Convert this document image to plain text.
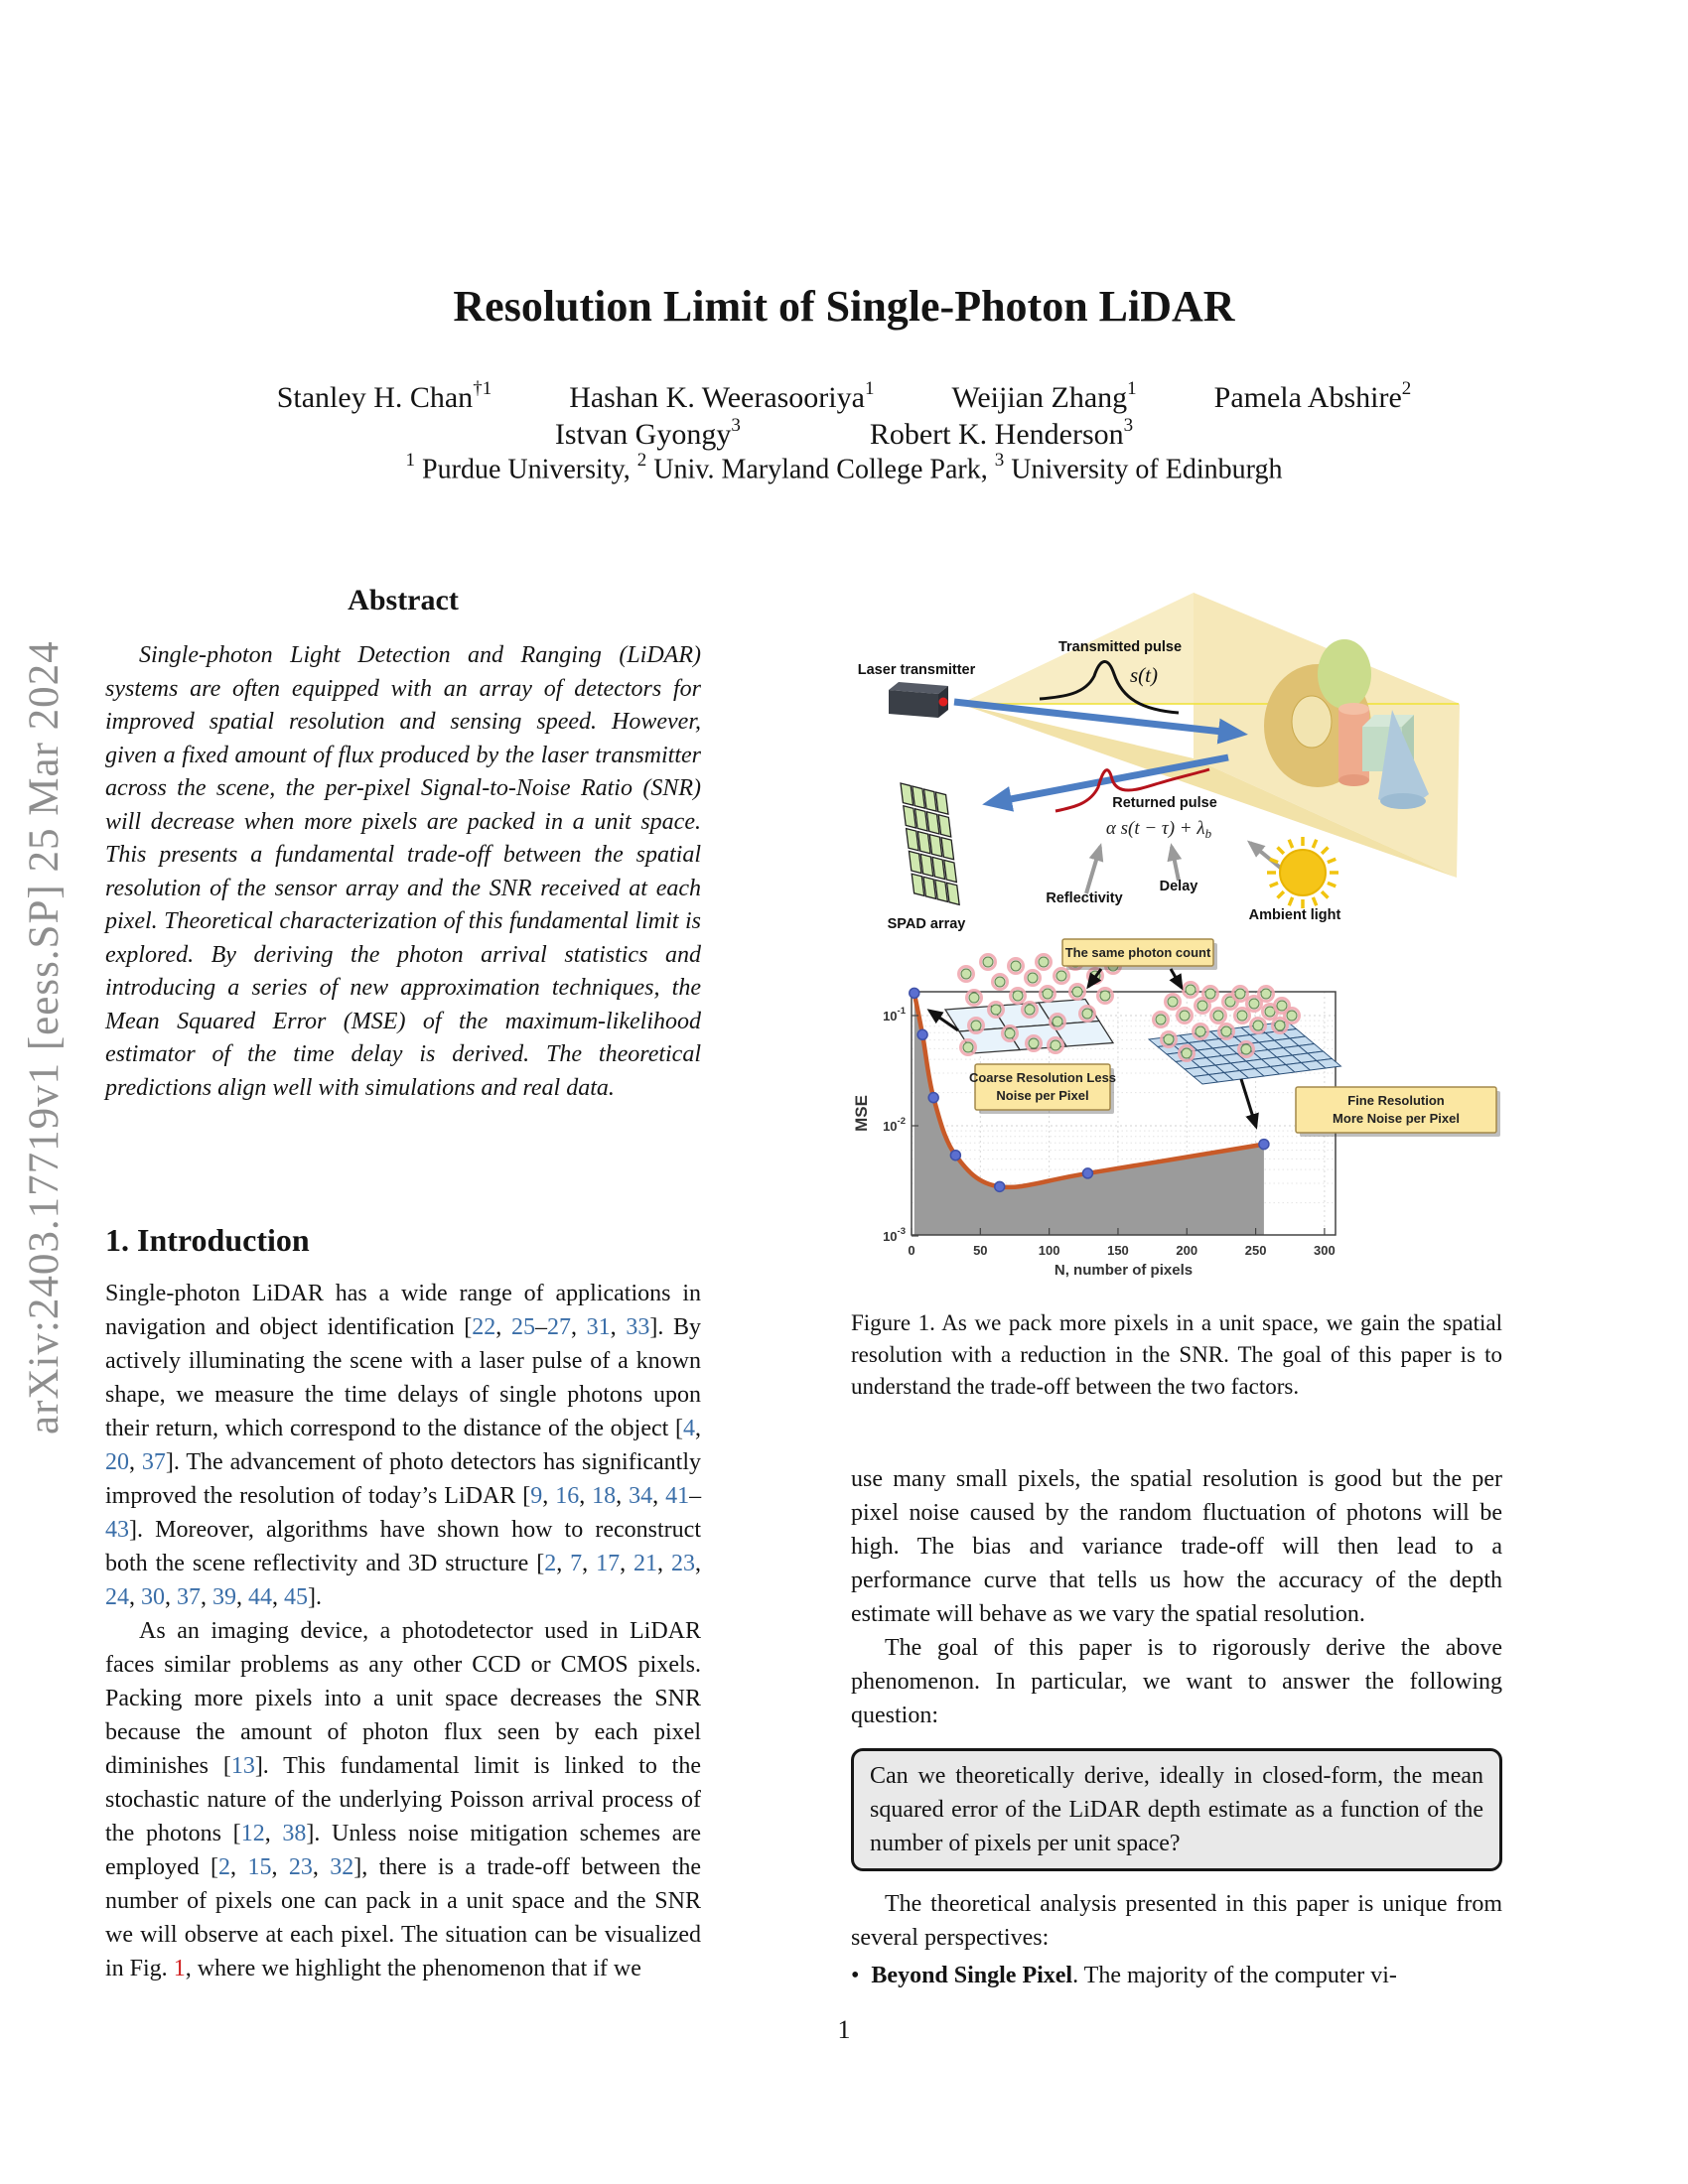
arXiv:2403.17719v1 [eess.SP] 25 Mar 2024
Resolution Limit of Single-Photon LiDAR
Stanley H. Chan$^{\dagger 1}$	Hashan K. Weerasooriya$^1$	Weijian Zhang$^1$	Pamela Abshire$^2$
Istvan Gyongy$^3$	Robert K. Henderson$^3$
$^1$ Purdue University, $^2$ Univ. Maryland College Park, $^3$ University of Edinburgh
Abstract
Single-photon Light Detection and Ranging (LiDAR) systems are often equipped with an array of detectors for improved spatial resolution and sensing speed. However, given a fixed amount of flux produced by the laser transmitter across the scene, the per-pixel Signal-to-Noise Ratio (SNR) will decrease when more pixels are packed in a unit space. This presents a fundamental trade-off between the spatial resolution of the sensor array and the SNR received at each pixel. Theoretical characterization of this fundamental limit is explored. By deriving the photon arrival statistics and introducing a series of new approximation techniques, the Mean Squared Error (MSE) of the maximum-likelihood estimator of the time delay is derived. The theoretical predictions align well with simulations and real data.
1. Introduction

Single-photon LiDAR has a wide range of applications in navigation and object identification [22, 25–27, 31, 33]. By actively illuminating the scene with a laser pulse of a known shape, we measure the time delays of single photons upon their return, which correspond to the distance of the object [4, 20, 37]. The advancement of photo detectors has significantly improved the resolution of today’s LiDAR [9, 16, 18, 34, 41–43]. Moreover, algorithms have shown how to reconstruct both the scene reflectivity and 3D structure [2, 7, 17, 21, 23, 24, 30, 37, 39, 44, 45].

As an imaging device, a photodetector used in LiDAR faces similar problems as any other CCD or CMOS pixels. Packing more pixels into a unit space decreases the SNR because the amount of photon flux seen by each pixel diminishes [13]. This fundamental limit is linked to the stochastic nature of the underlying Poisson arrival process of the photons [12, 38]. Unless noise mitigation schemes are employed [2, 15, 23, 32], there is a trade-off between the number of pixels one can pack in a unit space and the SNR we will observe at each pixel. The situation can be visualized in Fig. 1, where we highlight the phenomenon that if we

Laser transmitter
Transmitted pulse
s(t)
Returned pulse
α $s(t - \tau) + \lambda_b$
Reflectivity
Delay
Ambient light
SPAD array
0	50	100	150	200	250	300
$10^{-1}$
$10^{-2}$
$10^{-3}$
MSE
N, number of pixels
The same photon count
Coarse Resolution Less
Noise per Pixel	Fine Resolution
More Noise per Pixel
Figure 1. As we pack more pixels in a unit space, we gain the spatial resolution with a reduction in the SNR. The goal of this paper is to understand the trade-off between the two factors.

use many small pixels, the spatial resolution is good but the per pixel noise caused by the random fluctuation of photons will be high. The bias and variance trade-off will then lead to a performance curve that tells us how the accuracy of the depth estimate will behave as we vary the spatial resolution.

The goal of this paper is to rigorously derive the above phenomenon. In particular, we want to answer the following question:

Can we theoretically derive, ideally in closed-form, the mean squared error of the LiDAR depth estimate as a function of the number of pixels per unit space?

The theoretical analysis presented in this paper is unique from several perspectives:

• Beyond Single Pixel. The majority of the computer vi-

1
